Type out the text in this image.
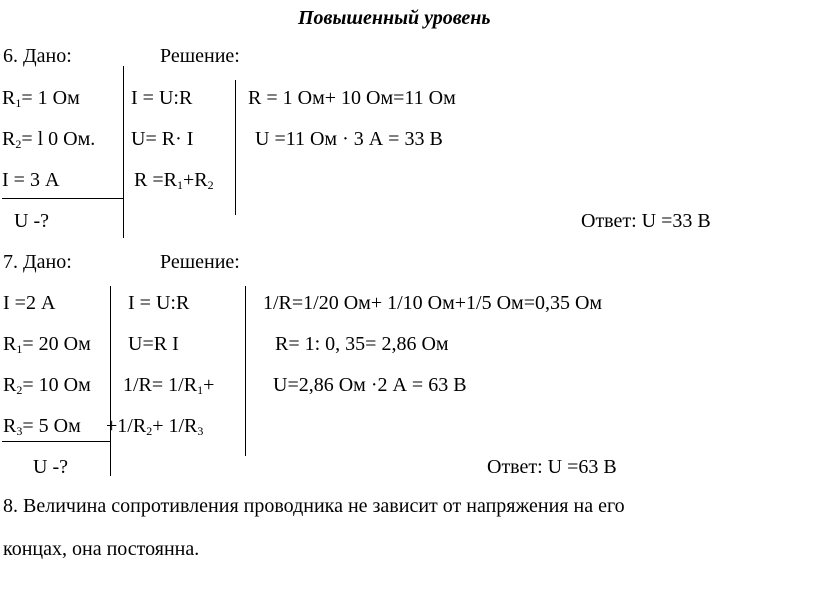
Повышенный уровень
6. Дано:	Решение:
$R_1= 1$ Ом
$R_2= l$ 0 Ом.
I = 3 А
U -?
I = U:R
U= R· I
$R =R_1+R_2$
R = 1 Ом+ 10 Ом=11 Ом
U =11 Ом · 3 А = 33 В
Ответ: U =33 В
7. Дано:	Решение:
I =2 А
$R_1= 20$ Ом
$R_2= 10$ Ом
$R_3= 5$ Ом
U -?
I = U:R
U=R I
$1/R= 1/R_1+$
$+1/R_2+ 1/R_3$
1/R=1/20 Ом+ 1/10 Ом+1/5 Ом=0,35 Ом
R= 1: 0, 35= 2,86 Ом
U=2,86 Ом ·2 А = 63 В
Ответ: U =63 В
8. Величина сопротивления проводника не зависит от напряжения на его
концах, она постоянна.
